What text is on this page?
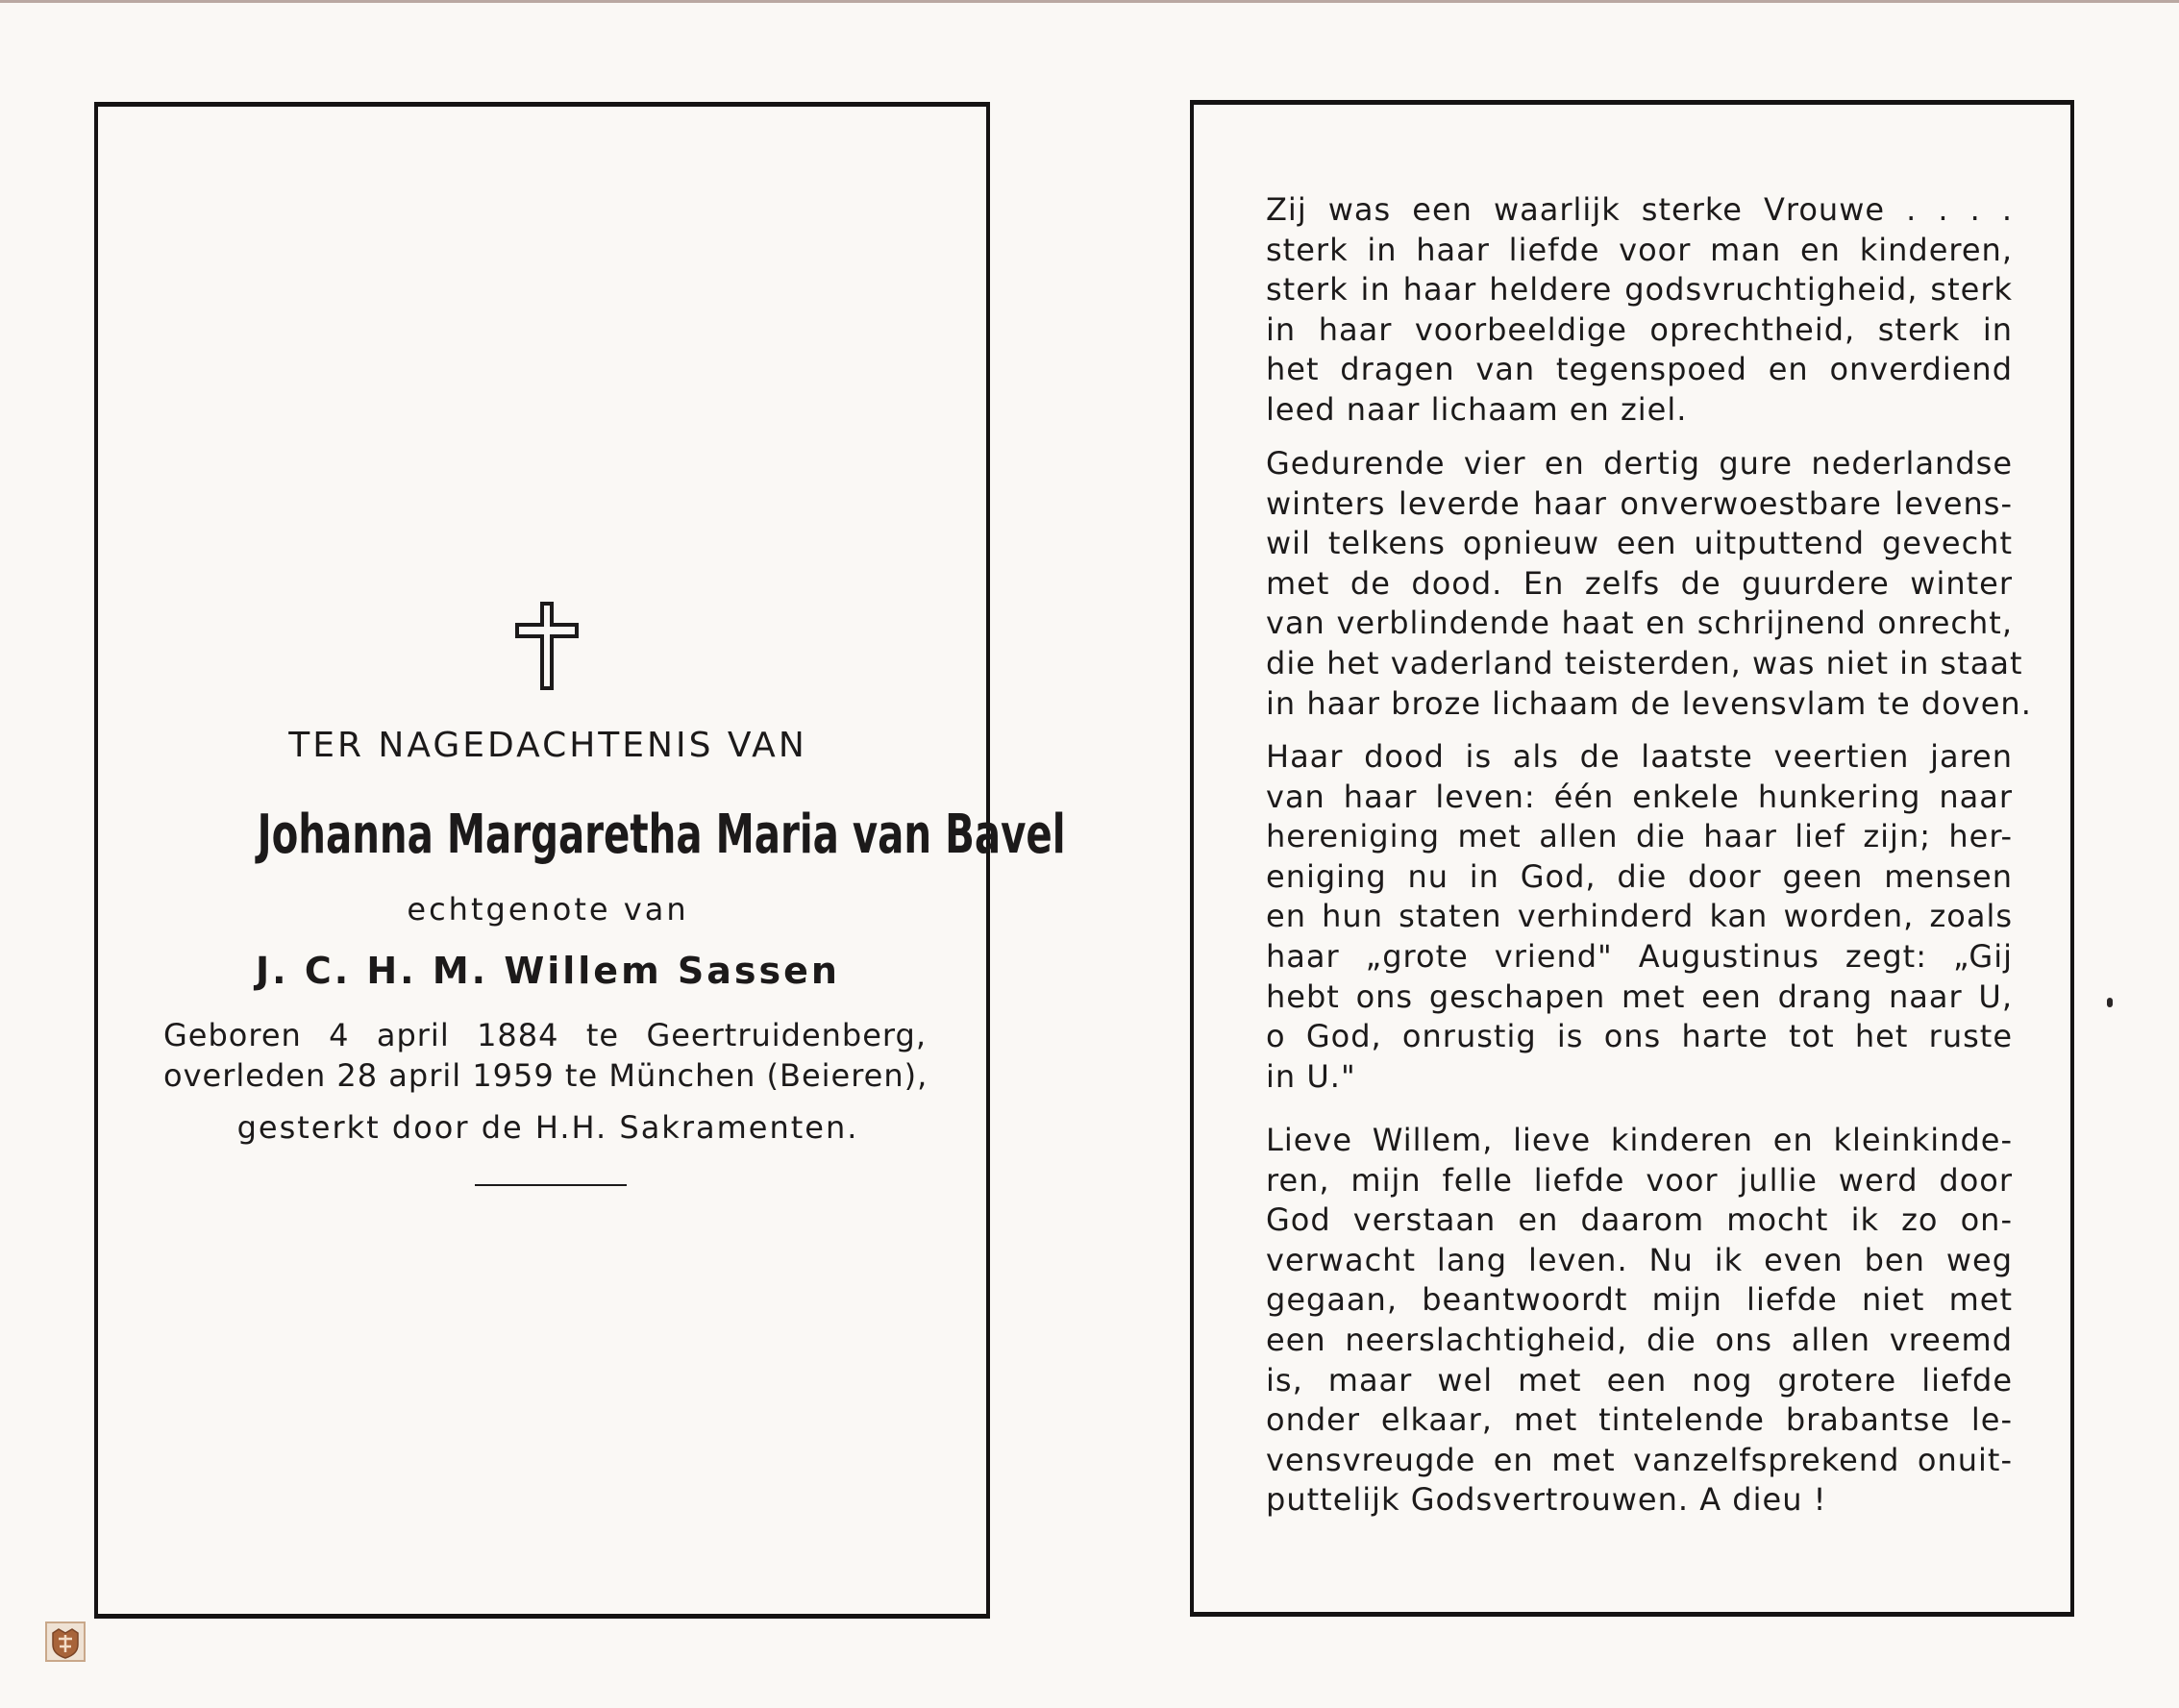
TER NAGEDACHTENIS VAN
Johanna Margaretha Maria van Bavel
echtgenote van
J. C. H. M. Willem Sassen
Geboren 4 april 1884 te Geertruidenberg,
overleden 28 april 1959 te München (Beieren),
gesterkt door de H.H. Sakramenten.
Zij was een waarlijk sterke Vrouwe . . . .
sterk in haar liefde voor man en kinderen,
sterk in haar heldere godsvruchtigheid, sterk
in haar voorbeeldige oprechtheid, sterk in
het dragen van tegenspoed en onverdiend
leed naar lichaam en ziel.
Gedurende vier en dertig gure nederlandse
winters leverde haar onverwoestbare levens-
wil telkens opnieuw een uitputtend gevecht
met de dood. En zelfs de guurdere winter
van verblindende haat en schrijnend onrecht,
die het vaderland teisterden, was niet in staat
in haar broze lichaam de levensvlam te doven.
Haar dood is als de laatste veertien jaren
van haar leven: één enkele hunkering naar
hereniging met allen die haar lief zijn; her-
eniging nu in God, die door geen mensen
en hun staten verhinderd kan worden, zoals
haar „grote vriend" Augustinus zegt: „Gij
hebt ons geschapen met een drang naar U,
o God, onrustig is ons harte tot het ruste
in U."
Lieve Willem, lieve kinderen en kleinkinde-
ren, mijn felle liefde voor jullie werd door
God verstaan en daarom mocht ik zo on-
verwacht lang leven. Nu ik even ben weg
gegaan, beantwoordt mijn liefde niet met
een neerslachtigheid, die ons allen vreemd
is, maar wel met een nog grotere liefde
onder elkaar, met tintelende brabantse le-
vensvreugde en met vanzelfsprekend onuit-
puttelijk Godsvertrouwen. A dieu !
